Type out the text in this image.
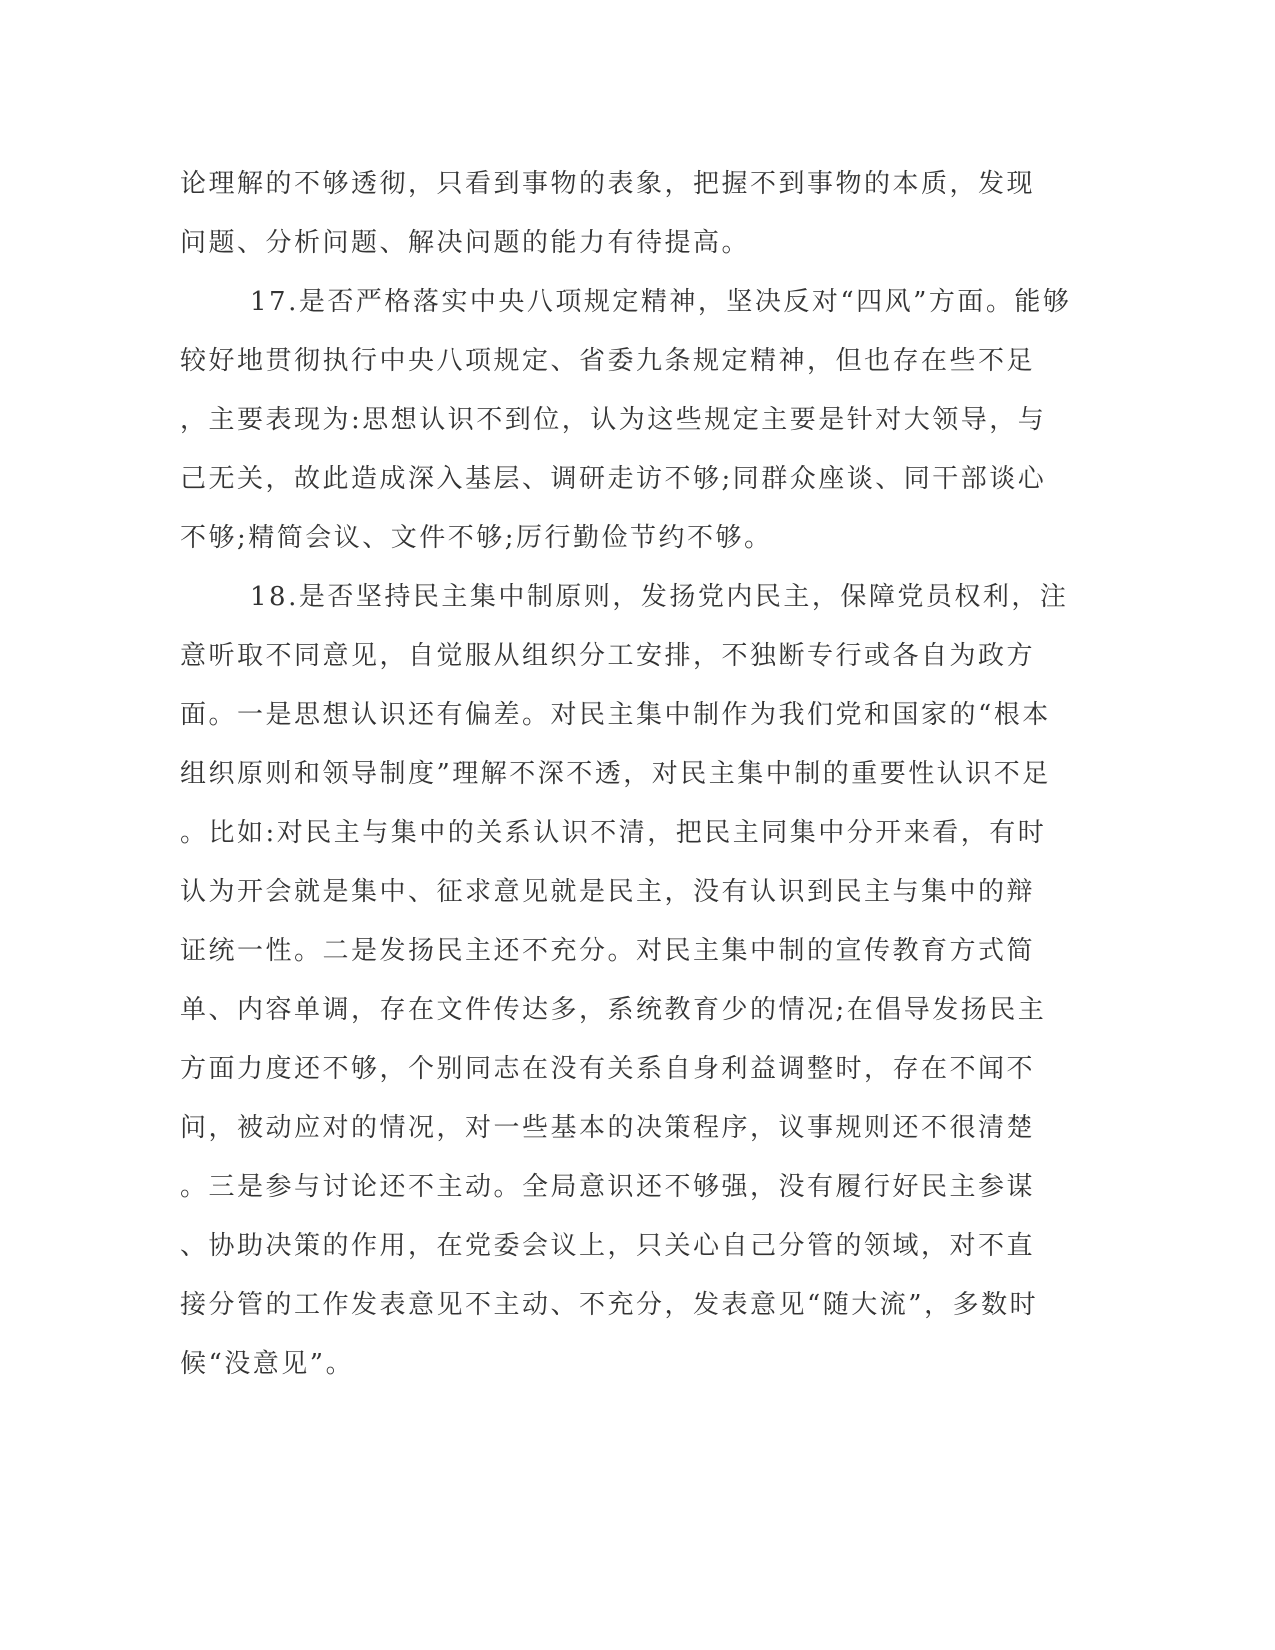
论理解的不够透彻，只看到事物的表象，把握不到事物的本质，发现
问题、分析问题、解决问题的能力有待提高。
17.是否严格落实中央八项规定精神，坚决反对“四风”方面。能够
较好地贯彻执行中央八项规定、省委九条规定精神，但也存在些不足
，主要表现为:思想认识不到位，认为这些规定主要是针对大领导，与
己无关，故此造成深入基层、调研走访不够;同群众座谈、同干部谈心
不够;精简会议、文件不够;厉行勤俭节约不够。
18.是否坚持民主集中制原则，发扬党内民主，保障党员权利，注
意听取不同意见，自觉服从组织分工安排，不独断专行或各自为政方
面。一是思想认识还有偏差。对民主集中制作为我们党和国家的“根本
组织原则和领导制度”理解不深不透，对民主集中制的重要性认识不足
。比如:对民主与集中的关系认识不清，把民主同集中分开来看，有时
认为开会就是集中、征求意见就是民主，没有认识到民主与集中的辩
证统一性。二是发扬民主还不充分。对民主集中制的宣传教育方式简
单、内容单调，存在文件传达多，系统教育少的情况;在倡导发扬民主
方面力度还不够，个别同志在没有关系自身利益调整时，存在不闻不
问，被动应对的情况，对一些基本的决策程序，议事规则还不很清楚
。三是参与讨论还不主动。全局意识还不够强，没有履行好民主参谋
、协助决策的作用，在党委会议上，只关心自己分管的领域，对不直
接分管的工作发表意见不主动、不充分，发表意见“随大流”，多数时
候“没意见”。
